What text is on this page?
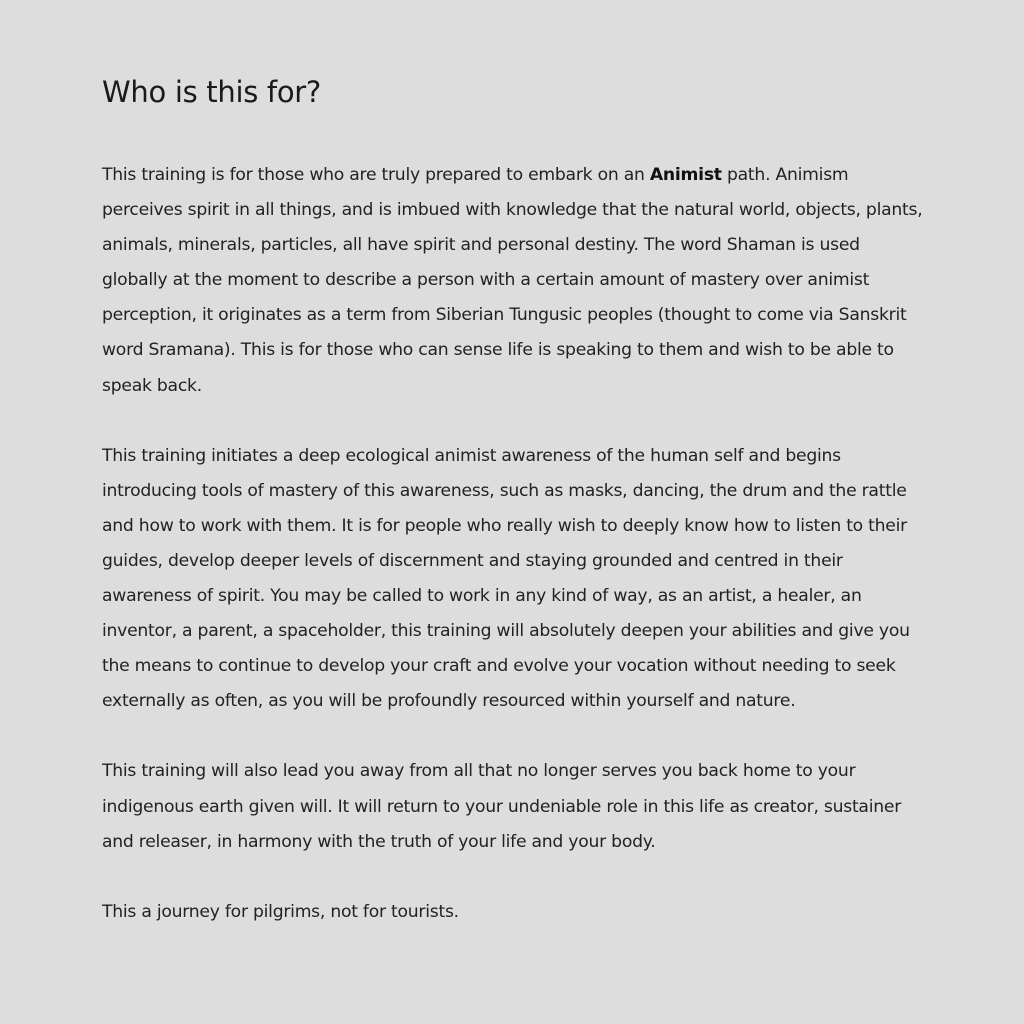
Who is this for?

This training is for those who are truly prepared to embark on an Animist path. Animism perceives spirit in all things, and is imbued with knowledge that the natural world, objects, plants, animals, minerals, particles, all have spirit and personal destiny. The word Shaman is used globally at the moment to describe a person with a certain amount of mastery over animist perception, it originates as a term from Siberian Tungusic peoples (thought to come via Sanskrit word Sramana). This is for those who can sense life is speaking to them and wish to be able to speak back.

This training initiates a deep ecological animist awareness of the human self and begins introducing tools of mastery of this awareness, such as masks, dancing, the drum and the rattle and how to work with them. It is for people who really wish to deeply know how to listen to their guides, develop deeper levels of discernment and staying grounded and centred in their awareness of spirit. You may be called to work in any kind of way, as an artist, a healer, an inventor, a parent, a spaceholder, this training will absolutely deepen your abilities and give you the means to continue to develop your craft and evolve your vocation without needing to seek externally as often, as you will be profoundly resourced within yourself and nature.

This training will also lead you away from all that no longer serves you back home to your indigenous earth given will. It will return to your undeniable role in this life as creator, sustainer and releaser, in harmony with the truth of your life and your body.

This a journey for pilgrims, not for tourists.
